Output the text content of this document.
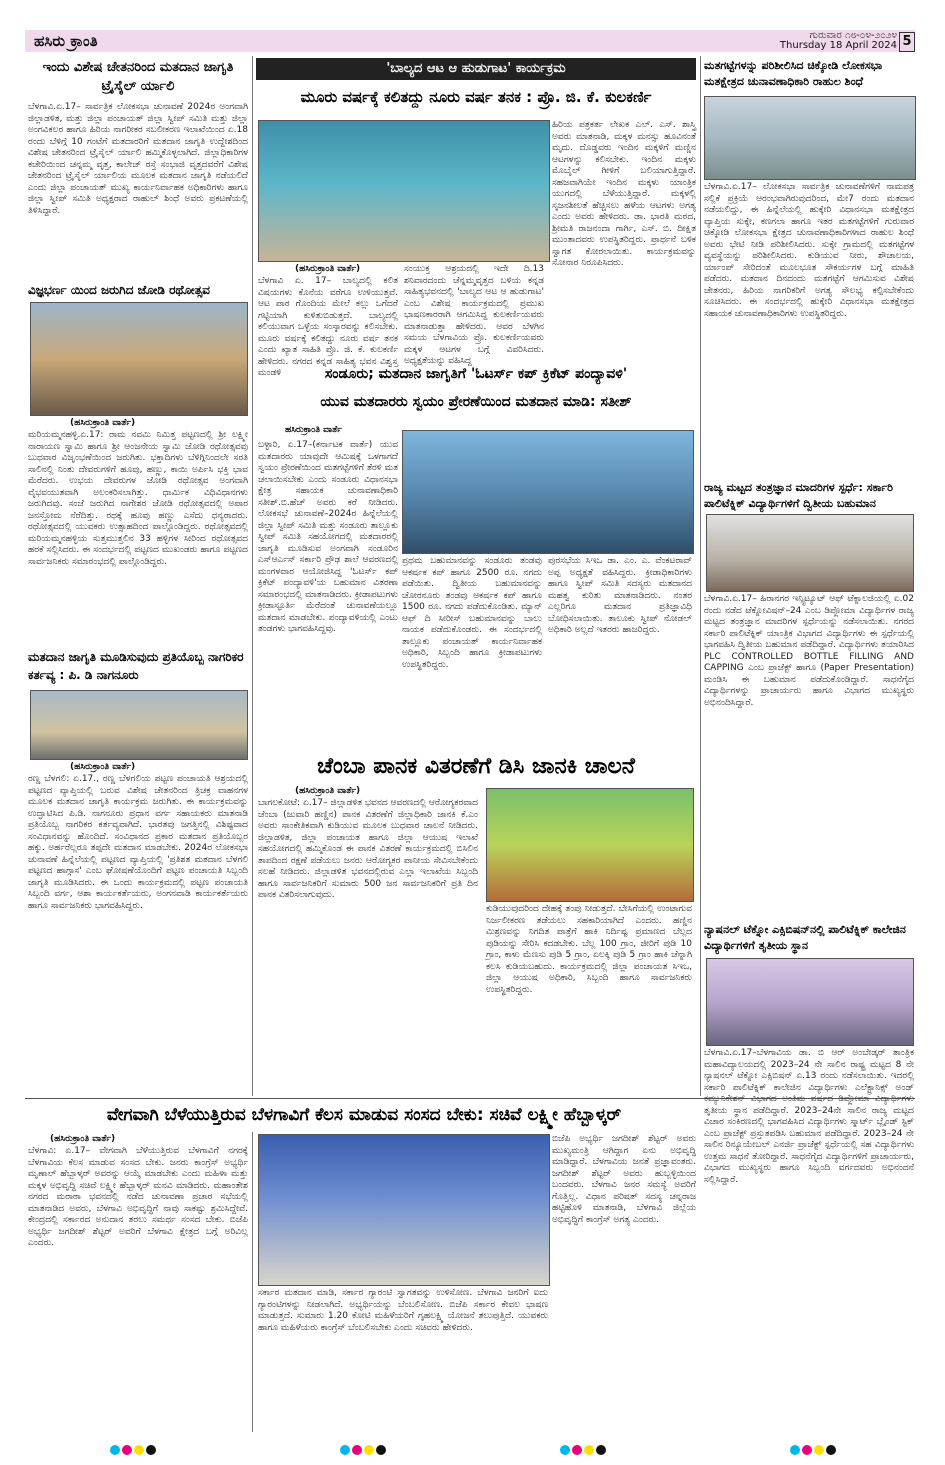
ಹಸಿರು ಕ್ರಾಂತಿ	ಗುರುವಾರ ೧೮-೦೪-೨೦೨೪
Thursday 18 April 2024 5
ಇಂದು ವಿಶೇಷ ಚೇತನರಿಂದ ಮತದಾನ ಜಾಗೃತಿ ಟ್ರೈಸೈಲ್ ರ್ಯಾಲಿ
ಬೆಳಗಾವಿ.ಏ.17– ಸಾರ್ವತ್ರಿಕ ಲೋಕಸಭಾ ಚುನಾವಣೆ 2024ರ ಅಂಗವಾಗಿ ಜಿಲ್ಲಾಡಳಿತ, ಮತ್ತು ಜಿಲ್ಲಾ ಪಂಚಾಯತ್ ಜಿಲ್ಲಾ ಸ್ವೀಪ್ ಸಮಿತಿ ಮತ್ತು ಜಿಲ್ಲಾ ಅಂಗವಿಕಲರ ಹಾಗೂ ಹಿರಿಯ ನಾಗರೀಕರ ಸಬಲೀಕರಣ ಇಲಾಖೆಯಿಂದ ಏ.18 ರಂದು ಬೆಳಿಗ್ಗೆ 10 ಗಂಟೆಗೆ ಮತದಾರರಿಗೆ ಮತದಾನ ಜಾಗೃತಿ ಉದ್ದೇಶದಿಂದ ವಿಶೇಷ ಚೇತನರಿಂದ ಟ್ರೈಸೈಲ್ ರ್ಯಾಲಿ ಹಮ್ಮಿಕೊಳ್ಳಲಾಗಿದೆ. ಜಿಲ್ಲಾಧಿಕಾರಿಗಳ ಕಚೇರಿಯಿಂದ ಚನ್ನಮ್ಮ ವೃತ್ತ, ಕಾಲೇಜ್ ರಸ್ತೆ ಸಂಭಾಜಿ ವೃತ್ತದವರೆಗೆ ವಿಶೇಷ ಚೇತನರಿಂದ ಟ್ರೈಸೈಲ್ ರ್ಯಾಲಿಯ ಮೂಲಕ ಮತದಾನ ಜಾಗೃತಿ ನಡೆಯಲಿದೆ ಎಂದು ಜಿಲ್ಲಾ ಪಂಚಾಯತ್ ಮುಖ್ಯ ಕಾರ್ಯನಿರ್ವಾಹಕ ಅಧಿಕಾರಿಗಳು ಹಾಗೂ ಜಿಲ್ಲಾ ಸ್ವೀಪ್ ಸಮಿತಿ ಅಧ್ಯಕ್ಷರಾದ ರಾಹುಲ್ ಶಿಂಧೆ ಅವರು ಪ್ರಕಟಣೆಯಲ್ಲಿ ತಿಳಿಸಿದ್ದಾರೆ.
ವಿಜ್ಞಭರ್ಣ ಯಿಂದ ಜರುಗಿದ ಜೋಡಿ ರಥೋತ್ಸವ
(ಹಸಿರುಕ್ರಾಂತಿ ವಾರ್ತೆ)
ಮರಿಯಮ್ಮನಹಳ್ಳಿ.ಏ.17: ರಾಮ ನವಮಿ ನಿಮಿತ್ತ ಪಟ್ಟಣದಲ್ಲಿ ಶ್ರೀ ಲಕ್ಷ್ಮೀ ನಾರಾಯಣ ಸ್ವಾಮಿ ಹಾಗೂ ಶ್ರೀ ಆಂಜನೇಯ ಸ್ವಾಮಿ ಜೋಡಿ ರಥೋತ್ಸವವು ಬುಧವಾರ ವಿಜೃಂಭಣೆಯಿಂದ ಜರುಗಿತು. ಭಕ್ತಾದಿಗಳು ಬೆಳಿಗ್ಗಿನಿಂದಲೇ ಸರತಿ ಸಾಲಿನಲ್ಲಿ ನಿಂತು ದೇವರುಗಳಿಗೆ ಹೂವು, ಹಣ್ಣು, ಕಾಯಿ ಅರ್ಪಿಸಿ ಭಕ್ತಿ ಭಾವ ಮೆರೆದರು. ಉಭಯ ದೇವರುಗಳ ಜೋಡಿ ರಥೋತ್ಸವ ಅಂಗವಾಗಿ ವೈಭವಯುತವಾಗಿ ಅಲಂಕರಿಸಲಾಗಿತ್ತು. ಧಾರ್ಮಿಕ ವಿಧಿವಿಧಾನಗಳು ಜರುಗಿದವು. ಸಂಜೆ ಜರುಗಿದ ನಾಗೇಶರ ಜೋಡಿ ರಥೋತ್ಸವದಲ್ಲಿ ಅಪಾರ ಜನಸ್ತೋಮ ನೆರೆದಿತ್ತು. ರಥಕ್ಕೆ ಹೂವು ಹಣ್ಣು ಎಸೆದು ಧನ್ಯರಾದರು. ರಥೋತ್ಸವದಲ್ಲಿ ಯುವಕರು ಉತ್ಸಾಹದಿಂದ ಪಾಲ್ಗೊಂಡಿದ್ದರು. ರಥೋತ್ಸವದಲ್ಲಿ ಮರಿಯಮ್ಮನಹಳ್ಳಿಯ ಸುತ್ತಮುತ್ತಲಿನ 33 ಹಳ್ಳಿಗಳ ಸೀರಿಂದ ರಥೋತ್ಸವದ ಹರಕೆ ಸಲ್ಲಿಸಿದರು. ಈ ಸಂದರ್ಭದಲ್ಲಿ ಪಟ್ಟಣದ ಮುಖಂಡರು ಹಾಗೂ ಪಟ್ಟಣದ ಸಾರ್ವಜನಿಕರು ಸಮಾರಂಭದಲ್ಲಿ ಪಾಲ್ಗೊಂಡಿದ್ದರು.
ಮತದಾನ ಜಾಗೃತಿ ಮೂಡಿಸುವುದು ಪ್ರತಿಯೊಬ್ಬ ನಾಗರಿಕರ ಕರ್ತವ್ಯ : ಪಿ. ಡಿ ನಾಗನೂರು
(ಹಸಿರುಕ್ರಾಂತಿ ವಾರ್ತೆ)
ರಣ್ಣ ಬೆಳಗಲಿ: ಏ.17., ರಣ್ಣ ಬೆಳಗಲಿಯ ಪಟ್ಟಣ ಪಂಚಾಯತಿ ಆಶ್ರಯದಲ್ಲಿ ಪಟ್ಟಣದ ವ್ಯಾಪ್ತಿಯಲ್ಲಿ ಬರುವ ವಿಶೇಷ ಚೇತನರಿಂದ ತ್ರಿಚಕ್ರ ವಾಹನಗಳ ಮೂಲಕ ಮತದಾನ ಜಾಗೃತಿ ಕಾರ್ಯಕ್ರಮ ಜರುಗಿತು. ಈ ಕಾರ್ಯಕ್ರಮವನ್ನು ಉದ್ಘಾಟಿಸಿದ ಪಿ.ಡಿ. ನಾಗನೂರು ಪ್ರಧಾನ ವರ್ಗ ಸಹಾಯಕರು ಮಾತನಾಡಿ ಪ್ರತಿಯೊಬ್ಬ ನಾಗರಿಕರ ಕರ್ತವ್ಯವಾಗಿದೆ. ಭಾರತವು ಜಗತ್ತಿನಲ್ಲಿ ವಿಶಿಷ್ಟವಾದ ಸಂವಿಧಾನವನ್ನು ಹೊಂದಿದೆ. ಸಂವಿಧಾನದ ಪ್ರಕಾರ ಮತದಾನ ಪ್ರತಿಯೊಬ್ಬರ ಹಕ್ಕು. ಅರ್ಹರೆಲ್ಲರೂ ತಪ್ಪದೇ ಮತದಾನ ಮಾಡಬೇಕು. 2024ರ ಲೋಕಸಭಾ ಚುನಾವಣೆ ಹಿನ್ನೆಲೆಯಲ್ಲಿ ಪಟ್ಟಣದ ವ್ಯಾಪ್ತಿಯಲ್ಲಿ 'ಪ್ರತಿಶತ ಮತದಾನ ಬೆಳಗಲಿ ಪಟ್ಟಣದ ಹಾಗ್ಗಾಸ' ಎಂಬ ಘೋಷಣೆಯೊಂದಿಗೆ ಪಟ್ಟಣ ಪಂಚಾಯತಿ ಸಿಬ್ಬಂದಿ ಜಾಗೃತಿ ಮೂಡಿಸಿದರು. ಈ ಒಂದು ಕಾರ್ಯಕ್ರಮದಲ್ಲಿ ಪಟ್ಟಣ ಪಂಚಾಯತಿ ಸಿಬ್ಬಂದಿ ವರ್ಗ, ಆಶಾ ಕಾರ್ಯಕರ್ತೆಯರು, ಅಂಗನವಾಡಿ ಕಾರ್ಯಕರ್ತೆಯರು ಹಾಗೂ ಸಾರ್ವಜನಿಕರು ಭಾಗವಹಿಸಿದ್ದರು.
'ಬಾಲ್ಯದ ಆಟ ಆ ಹುಡುಗಾಟ' ಕಾರ್ಯಕ್ರಮ
ಮೂರು ವರ್ಷಕ್ಕೆ ಕಲಿತದ್ದು ನೂರು ವರ್ಷ ತನಕ : ಪ್ರೊ. ಜಿ. ಕೆ. ಕುಲಕರ್ಣಿ
(ಹಸಿರುಕ್ರಾಂತಿ ವಾರ್ತೆ)
ಬೆಳಗಾವಿ ಏ. 17– ಬಾಲ್ಯದಲ್ಲಿ ಕಲಿತ ವಿಷಯಗಳು ಕೊನೆಯ ವರೆಗೂ ಉಳಿಯುತ್ತವೆ. ಆಟ ಪಾಠ ಗೊಂದಿಯ ಮೇಲೆ ಕಲ್ಲು ಒಗೆದರೆ ಗಟ್ಟಿಯಾಗಿ ಕುಳಿತುಬಿಡುತ್ತದೆ. ಬಾಲ್ಯದಲ್ಲಿ ಕಲಿಯುವಾಗ ಒಳ್ಳೆಯ ಸಂಸ್ಕಾರವನ್ನು ಕಲಿಸಬೇಕು. ಮೂರು ವರ್ಷಕ್ಕೆ ಕಲಿತದ್ದು ನೂರು ವರ್ಷ ತನಕ ಎಂದು ಖ್ಯಾತ ಸಾಹಿತಿ ಪ್ರೊ. ಜಿ. ಕೆ. ಕುಲಕರ್ಣಿ ಹೇಳಿದರು. ನಗರದ ಕನ್ನಡ ಸಾಹಿತ್ಯ ಭವನ ವಿಶ್ವಸ್ತ ಮಂಡಳಿ
ಸಂಯುಕ್ತ ಆಶ್ರಯದಲ್ಲಿ ಇದೇ ದಿ.13 ಶನಿವಾರದಂದು ಚೆನ್ನಮ್ಮವೃತ್ತದ ಬಳಿಯ ಕನ್ನಡ ಸಾಹಿತ್ಯಭವನದಲ್ಲಿ 'ಬಾಲ್ಯದ ಆಟ ಆ ಹುಡುಗಾಟ' ಎಂಬ ವಿಶೇಷ ಕಾರ್ಯಕ್ರಮದಲ್ಲಿ ಪ್ರಮುಖ ಭಾಷಣಕಾರರಾಗಿ ಆಗಮಿಸಿದ್ದ ಕುಲಕರ್ಣಿಯವರು ಮಾತನಾಡುತ್ತಾ ಹೇಳಿದರು. ಆವರ ಬೆಳಗಿನ ಸಮಯ ಬೆಳಗಾವಿಯ ಪ್ರೊ. ಕುಲಕರ್ಣಿಯವರು ಮಕ್ಕಳ ಆಟಗಳ ಬಗ್ಗೆ ವಿವರಿಸಿದರು. ಅಧ್ಯಕ್ಷತೆಯನ್ನು ವಹಿಸಿದ್ದ
ಹಿರಿಯ ಪತ್ರಕರ್ತ ಲೇಖಕ ಎಲ್. ಎಸ್. ಶಾಸ್ತ್ರಿ ಅವರು ಮಾತನಾಡಿ, ಮಕ್ಕಳ ಮನಸ್ಸು ಹೂವಿನಂತೆ ಮೃದು. ದೊಡ್ಡವರು ಇಂದಿನ ಮಕ್ಕಳಿಗೆ ಮಣ್ಣಿನ ಆಟಗಳನ್ನು ಕಲಿಸಬೇಕು. ಇಂದಿನ ಮಕ್ಕಳು ಮೊಬೈಲ್ ಗೀಳಿಗೆ ಬಲಿಯಾಗುತ್ತಿದ್ದಾರೆ. ಸಹಜವಾಗಿಯೇ ಇಂದಿನ ಮಕ್ಕಳು ಯಾಂತ್ರಿಕ ಯುಗದಲ್ಲಿ ಬೆಳೆಯುತ್ತಿದ್ದಾರೆ. ಮಕ್ಕಳಲ್ಲಿ ಸೃಜನಶೀಲತೆ ಹೆಚ್ಚಿಸಲು ಹಳೆಯ ಆಟಗಳು ಅಗತ್ಯ ಎಂದು ಅವರು ಹೇಳಿದರು. ಡಾ. ಭಾರತಿ ಮಠದ, ಶ್ರೀಮತಿ ರಾಜನಂದಾ ಗಾರ್ಗಿ, ಎಸ್. ಬಿ. ದೀಕ್ಷಿತ ಮುಂತಾದವರು ಉಪಸ್ಥಿತರಿದ್ದರು. ಪ್ರಾರ್ಥನೆ ಬಳಿಕ ಸ್ವಾಗತ ಕೋರಲಾಯಿತು. ಕಾರ್ಯಕ್ರಮವನ್ನು ಸೋನಾರ ನಿರೂಪಿಸಿದರು.
ಸಂಡೂರು; ಮತದಾನ ಜಾಗೃತಿಗೆ 'ಓಟರ್ಸ್ ಕಪ್ ಕ್ರಿಕೆಟ್ ಪಂದ್ಯಾವಳಿ'
ಯುವ ಮತದಾರರು ಸ್ವಯಂ ಪ್ರೇರಣೆಯಿಂದ ಮತದಾನ ಮಾಡಿ: ಸತೀಶ್
ಹಸಿರುಕ್ರಾಂತಿ ವಾರ್ತೆ
ಬಳ್ಳಾರಿ, ಏ.17–(ಕರ್ನಾಟಕ ವಾರ್ತೆ) ಯುವ ಮತದಾರರು ಯಾವುದೇ ಆಮಿಷಕ್ಕೆ ಒಳಗಾಗದೆ ಸ್ವಯಂ ಪ್ರೇರಣೆಯಿಂದ ಮತಗಟ್ಟೆಗಳಿಗೆ ತೆರಳಿ ಮತ ಚಲಾಯಿಸಬೇಕು ಎಂದು ಸಂಡೂರು ವಿಧಾನಸಭಾ ಕ್ಷೇತ್ರ ಸಹಾಯಕ ಚುನಾವಣಾಧಿಕಾರಿ ಸತೀಶ್.ಬಿ.ಹೆಚ್ ಅವರು ಕರೆ ನೀಡಿದರು. ಲೋಕಸಭೆ ಚುನಾವಣೆ–2024ರ ಹಿನ್ನೆಲೆಯಲ್ಲಿ ಜಿಲ್ಲಾ ಸ್ವೀಪ್ ಸಮಿತಿ ಮತ್ತು ಸಂಡೂರು ತಾಲ್ಲೂಕು ಸ್ವೀಪ್ ಸಮಿತಿ ಸಹಯೋಗದಲ್ಲಿ ಮತದಾರರಲ್ಲಿ ಜಾಗೃತಿ ಮೂಡಿಸುವ ಅಂಗವಾಗಿ ಸಂಡೂರಿನ ಎಸ್ಆರ್ಎಸ್ ಸರ್ಕಾರಿ ಪ್ರೌಢ ಶಾಲೆ ಆವರಣದಲ್ಲಿ ಮಂಗಳವಾರ ಆಯೋಜಿಸಿದ್ದ 'ಓಟರ್ಸ್ ಕಪ್ ಕ್ರಿಕೆಟ್ ಪಂದ್ಯಾವಳಿ'ಯ ಬಹುಮಾನ ವಿತರಣಾ ಸಮಾರಂಭದಲ್ಲಿ ಮಾತನಾಡಿದರು. ಕ್ರೀಡಾಪಟುಗಳು ಕ್ರೀಡಾಸ್ಫೂರ್ತಿ ಮೆರೆದಂತೆ ಚುನಾವಣೆಯಲ್ಲೂ ಮತದಾನ ಮಾಡಬೇಕು. ಪಂದ್ಯಾವಳಿಯಲ್ಲಿ ಎಂಟು ತಂಡಗಳು ಭಾಗವಹಿಸಿದ್ದವು.
ಪ್ರಥಮ ಬಹುಮಾನವನ್ನು ಸಂಡೂರು ತಂಡವು ಆಕರ್ಷಕ ಕಪ್ ಹಾಗೂ 2500 ರೂ. ನಗದು ಪಡೆಯಿತು. ದ್ವಿತೀಯ ಬಹುಮಾನವನ್ನು ಚೋರನೂರು ತಂಡವು ಆಕರ್ಷಕ ಕಪ್ ಹಾಗೂ 1500 ರೂ. ನಗದು ಪಡೆದುಕೊಂಡಿತು. ಮ್ಯಾನ್ ಆಫ್ ದಿ ಸೀರೀಸ್ ಬಹುಮಾನವನ್ನು ಬಾಲು ನಾಯಕ ಪಡೆದುಕೊಂಡರು. ಈ ಸಂದರ್ಭದಲ್ಲಿ ತಾಲ್ಲೂಕು ಪಂಚಾಯತ್ ಕಾರ್ಯನಿರ್ವಾಹಕ ಅಧಿಕಾರಿ, ಸಿಬ್ಬಂದಿ ಹಾಗೂ ಕ್ರೀಡಾಪಟುಗಳು ಉಪಸ್ಥಿತರಿದ್ದರು.
ಪುರಸಭೆಯ ಸಿಇಒ ಡಾ. ಎಂ. ಎ. ವೆಂಕಟರಾವ್ ಅಪ್ಪ ಅಧ್ಯಕ್ಷತೆ ವಹಿಸಿದ್ದರು. ಕ್ರೀಡಾಧಿಕಾರಿಗಳು ಹಾಗೂ ಸ್ವೀಪ್ ಸಮಿತಿ ಸದಸ್ಯರು ಮತದಾನದ ಮಹತ್ವ ಕುರಿತು ಮಾತನಾಡಿದರು. ನಂತರ ಎಲ್ಲರಿಗೂ ಮತದಾನ ಪ್ರತಿಜ್ಞಾವಿಧಿ ಬೋಧಿಸಲಾಯಿತು. ತಾಲೂಕು ಸ್ವೀಪ್ ನೋಡಲ್ ಅಧಿಕಾರಿ ಅಲ್ಲದೆ ಇತರರು ಹಾಜರಿದ್ದರು.
ಚೆಂಬಾ ಪಾನಕ ವಿತರಣೆಗೆ ಡಿಸಿ ಜಾನಕಿ ಚಾಲನೆ
(ಹಸಿರುಕ್ರಾಂತಿ ವಾರ್ತೆ)
ಬಾಗಲಕೋಟೆ: ಏ.17– ಜಿಲ್ಲಾಡಳಿತ ಭವನದ ಆವರಣದಲ್ಲಿ ಆರೋಗ್ಯಕರವಾದ ಚೆಂಬಾ (ಜುವಾರಿ ಹಣ್ಣಿನ) ಪಾನಕ ವಿತರಣೆಗೆ ಜಿಲ್ಲಾಧಿಕಾರಿ ಜಾನಕಿ ಕೆ.ಎಂ ಅವರು ಸಾಂಕೇತಿಕವಾಗಿ ಕುಡಿಯುವ ಮೂಲಕ ಬುಧವಾರ ಚಾಲನೆ ನೀಡಿದರು. ಜಿಲ್ಲಾಡಳಿತ, ಜಿಲ್ಲಾ ಪಂಚಾಯತ ಹಾಗೂ ಜಿಲ್ಲಾ ಆಯುಷ ಇಲಾಖೆ ಸಹಯೋಗದಲ್ಲಿ ಹಮ್ಮಿಕೊಂಡ ಈ ಪಾನಕ ವಿತರಣೆ ಕಾರ್ಯಕ್ರಮದಲ್ಲಿ ಬಿಸಿಲಿನ ತಾಪದಿಂದ ರಕ್ಷಣೆ ಪಡೆಯಲು ಜನರು ಆರೋಗ್ಯಕರ ಪಾನೀಯ ಸೇವಿಸಬೇಕೆಂದು ಸಲಹೆ ನೀಡಿದರು. ಜಿಲ್ಲಾಡಳಿತ ಭವನದಲ್ಲಿರುವ ಎಲ್ಲಾ ಇಲಾಖೆಯ ಸಿಬ್ಬಂದಿ ಹಾಗೂ ಸಾರ್ವಜನಿಕರಿಗೆ ಸುಮಾರು 500 ಜನ ಸಾರ್ವಜನಿಕರಿಗೆ ಪ್ರತಿ ದಿನ ಪಾನಕ ವಿತರಿಸಲಾಗುವುದು.
ಕುಡಿಯುವುದರಿಂದ ದೇಹಕ್ಕೆ ತಂಪು ನೀಡುತ್ತದೆ. ಬೇಸಿಗೆಯಲ್ಲಿ ಉಂಟಾಗುವ ನಿರ್ಜಲೀಕರಣ ತಡೆಯಲು ಸಹಕಾರಿಯಾಗಿದೆ ಎಂದರು. ಹಣ್ಣಿನ ಮಿಶ್ರಣವನ್ನು ನಿಗದಿತ ಪಾತ್ರೆಗೆ ಹಾಕಿ ನಿರ್ದಿಷ್ಟ ಪ್ರಮಾಣದ ಬೆಲ್ಲದ ಪುಡಿಯನ್ನು ಸೇರಿಸಿ ಕದಡಬೇಕು. ಬೆಲ್ಲ 100 ಗ್ರಾಂ, ಜೀರಿಗೆ ಪುಡಿ 10 ಗ್ರಾಂ, ಕಾಳು ಮೆಣಸು ಪುಡಿ 5 ಗ್ರಾಂ, ಏಲಕ್ಕಿ ಪುಡಿ 5 ಗ್ರಾಂ ಹಾಕಿ ಚೆನ್ನಾಗಿ ಕಲಸಿ ಕುಡಿಯಬಹುದು. ಕಾರ್ಯಕ್ರಮದಲ್ಲಿ ಜಿಲ್ಲಾ ಪಂಚಾಯತ ಸಿಇಒ, ಜಿಲ್ಲಾ ಆಯುಷ ಅಧಿಕಾರಿ, ಸಿಬ್ಬಂದಿ ಹಾಗೂ ಸಾರ್ವಜನಿಕರು ಉಪಸ್ಥಿತರಿದ್ದರು.
ಮತಗಟ್ಟೆಗಳನ್ನು ಪರಿಶೀಲಿಸಿದ ಚಿಕ್ಕೋಡಿ ಲೋಕಸಭಾ ಮತಕ್ಷೇತ್ರದ ಚುನಾವಣಾಧಿಕಾರಿ ರಾಹುಲ ಶಿಂಧೆ
ಬೆಳಗಾವಿ.ಏ.17– ಲೋಕಸಭಾ ಸಾರ್ವತ್ರಿಕ ಚುನಾವಣೆಗಳಿಗೆ ನಾಮಪತ್ರ ಸಲ್ಲಿಕೆ ಪ್ರಕ್ರಿಯೆ ಆರಂಭವಾಗಿರುವುದರಿಂದ, ಮೇ7 ರಂದು ಮತದಾನ ನಡೆಯಲಿದ್ದು, ಈ ಹಿನ್ನೆಲೆಯಲ್ಲಿ ಹುಕ್ಕೇರಿ ವಿಧಾನಸಭಾ ಮತಕ್ಷೇತ್ರದ ವ್ಯಾಪ್ತಿಯ ಸುಕ್ಕೇ, ಕಣಗಲಾ ಹಾಗೂ ಇತರ ಮತಗಟ್ಟೆಗಳಿಗೆ ಗುರುವಾರ ಚಿಕ್ಕೋಡಿ ಲೋಕಸಭಾ ಕ್ಷೇತ್ರದ ಚುನಾವಣಾಧಿಕಾರಿಗಳಾದ ರಾಹುಲ ಶಿಂಧೆ ಅವರು ಭೇಟಿ ನೀಡಿ ಪರಿಶೀಲಿಸಿದರು. ಸುಕ್ಕೇ ಗ್ರಾಮದಲ್ಲಿ ಮತಗಟ್ಟೆಗಳ ವ್ಯವಸ್ಥೆಯನ್ನು ಪರಿಶೀಲಿಸಿದರು. ಕುಡಿಯುವ ನೀರು, ಶೌಚಾಲಯ, ರ್ಯಾಂಪ್ ಸೇರಿದಂತೆ ಮೂಲಭೂತ ಸೌಕರ್ಯಗಳ ಬಗ್ಗೆ ಮಾಹಿತಿ ಪಡೆದರು. ಮತದಾನ ದಿನದಂದು ಮತಗಟ್ಟೆಗೆ ಆಗಮಿಸುವ ವಿಶೇಷ ಚೇತನರು, ಹಿರಿಯ ನಾಗರಿಕರಿಗೆ ಅಗತ್ಯ ಸೌಲಭ್ಯ ಕಲ್ಪಿಸಬೇಕೆಂದು ಸೂಚಿಸಿದರು. ಈ ಸಂದರ್ಭದಲ್ಲಿ ಹುಕ್ಕೇರಿ ವಿಧಾನಸಭಾ ಮತಕ್ಷೇತ್ರದ ಸಹಾಯಕ ಚುನಾವಣಾಧಿಕಾರಿಗಳು ಉಪಸ್ಥಿತರಿದ್ದರು.
ರಾಜ್ಯ ಮಟ್ಟದ ತಂತ್ರಜ್ಞಾನ ಮಾದರಿಗಳ ಸ್ಪರ್ಧೆ: ಸರ್ಕಾರಿ ಪಾಲಿಟೆಕ್ನಿಕ್ ವಿದ್ಯಾರ್ಥಿಗಳಿಗೆ ದ್ವಿತೀಯ ಬಹುಮಾನ
ಬೆಳಗಾವಿ.ಏ.17– ಹಿರಾನಗರ ಇನ್ಸ್ಟಿಟ್ಯೂಟ್ ಆಫ್ ಟೆಕ್ನಾಲಜಿಯಲ್ಲಿ ಏ.02 ರಂದು ನಡೆದ ಟೆಕ್ನೋವಿಷನ್–24 ಎಂಬ ಡಿಪ್ಲೋಮಾ ವಿದ್ಯಾರ್ಥಿಗಳ ರಾಜ್ಯ ಮಟ್ಟದ ತಂತ್ರಜ್ಞಾನ ಮಾದರಿಗಳ ಸ್ಪರ್ಧೆಯನ್ನು ನಡೆಸಲಾಯಿತು. ನಗರದ ಸರ್ಕಾರಿ ಪಾಲಿಟೆಕ್ನಿಕ್ ಯಾಂತ್ರಿಕ ವಿಭಾಗದ ವಿದ್ಯಾರ್ಥಿಗಳು ಈ ಸ್ಪರ್ಧೆಯಲ್ಲಿ ಭಾಗವಹಿಸಿ ದ್ವಿತೀಯ ಬಹುಮಾನ ಪಡೆದಿದ್ದಾರೆ. ವಿದ್ಯಾರ್ಥಿಗಳು ತಯಾರಿಸಿದ PLC CONTROLLED BOTTLE FILLING AND CAPPING ಎಂಬ ಪ್ರಾಜೆಕ್ಟ್ ಹಾಗೂ (Paper Presentation) ಮಂಡಿಸಿ ಈ ಬಹುಮಾನ ಪಡೆದುಕೊಂಡಿದ್ದಾರೆ. ಸಾಧನೆಗೈದ ವಿದ್ಯಾರ್ಥಿಗಳನ್ನು ಪ್ರಾಚಾರ್ಯರು ಹಾಗೂ ವಿಭಾಗದ ಮುಖ್ಯಸ್ಥರು ಅಭಿನಂದಿಸಿದ್ದಾರೆ.
ನ್ಯಾಷನಲ್ ಟೆಕ್ನೋ ಎಕ್ಸಿಬಿಷನ್‌ನಲ್ಲಿ ಪಾಲಿಟೆಕ್ನಿಕ್ ಕಾಲೇಜಿನ ವಿದ್ಯಾರ್ಥಿಗಳಿಗೆ ತೃತೀಯ ಸ್ಥಾನ
ಬೆಳಗಾವಿ.ಏ.17–ಬೆಳಗಾವಿಯ ಡಾ. ಬಿ ಆರ್ ಅಂಬೇಡ್ಕರ್ ತಾಂತ್ರಿಕ ಮಹಾವಿದ್ಯಾಲಯದಲ್ಲಿ 2023–24 ನೇ ಸಾಲಿನ ರಾಷ್ಟ್ರ ಮಟ್ಟದ 8 ನೇ ನ್ಯಾಷನಲ್ ಟೆಕ್ನೋ ಎಕ್ಸಿಬಿಷನ್ ಏ.13 ರಂದು ನಡೆಸಲಾಯಿತು. ಇದರಲ್ಲಿ ಸರ್ಕಾರಿ ಪಾಲಿಟೆಕ್ನಿಕ್ ಕಾಲೇಜಿನ ವಿದ್ಯಾರ್ಥಿಗಳು ಎಲೆಕ್ಟ್ರಾನಿಕ್ಸ್ ಅಂಡ್ ಕಮ್ಯುನಿಕೇಶನ್ ವಿಭಾಗದ ಅಂತಿಮ ವರ್ಷದ ಡಿಪ್ಲೋಮಾ ವಿದ್ಯಾರ್ಥಿಗಳು ತೃತೀಯ ಸ್ಥಾನ ಪಡೆದಿದ್ದಾರೆ. 2023–24ನೇ ಸಾಲಿನ ರಾಜ್ಯ ಮಟ್ಟದ ವಿಚಾರ ಸಂಕಿರಣದಲ್ಲಿ ಭಾಗವಹಿಸಿದ ವಿದ್ಯಾರ್ಥಿಗಳು ಸ್ಮಾರ್ಟ್ ಬ್ಲೈಂಡ್ ಸ್ಟಿಕ್ ಎಂಬ ಪ್ರಾಜೆಕ್ಟ್ ಪ್ರಸ್ತುತಪಡಿಸಿ ಬಹುಮಾನ ಪಡೆದಿದ್ದಾರೆ. 2023–24 ನೇ ಸಾಲಿನ ರಿನ್ಯೂಯೇಬಲ್ ಎನರ್ಜಿ ಪ್ರಾಜೆಕ್ಟ್ ಸ್ಪರ್ಧೆಯಲ್ಲಿ ಸಹ ವಿದ್ಯಾರ್ಥಿಗಳು ಉತ್ತಮ ಸಾಧನೆ ತೋರಿದ್ದಾರೆ. ಸಾಧನೆಗೈದ ವಿದ್ಯಾರ್ಥಿಗಳಿಗೆ ಪ್ರಾಚಾರ್ಯರು, ವಿಭಾಗದ ಮುಖ್ಯಸ್ಥರು ಹಾಗೂ ಸಿಬ್ಬಂದಿ ವರ್ಗದವರು ಅಭಿನಂದನೆ ಸಲ್ಲಿಸಿದ್ದಾರೆ.
ವೇಗವಾಗಿ ಬೆಳೆಯುತ್ತಿರುವ ಬೆಳಗಾವಿಗೆ ಕೆಲಸ ಮಾಡುವ ಸಂಸದ ಬೇಕು: ಸಚಿವೆ ಲಕ್ಷ್ಮೀ ಹೆಬ್ಬಾಳ್ಕರ್
(ಹಸಿರುಕ್ರಾಂತಿ ವಾರ್ತೆ)
ಬೆಳಗಾವಿ: ಏ.17– ವೇಗವಾಗಿ ಬೆಳೆಯುತ್ತಿರುವ ಬೆಳಗಾವಿಗೆ ನಗರಕ್ಕೆ ಬೆಳಗಾವಿಯ ಕೆಲಸ ಮಾಡುವ ಸಂಸದ ಬೇಕು. ಜನರು ಕಾಂಗ್ರೆಸ್ ಅಭ್ಯರ್ಥಿ ಮೃಣಾಲ್ ಹೆಬ್ಬಾಳ್ಕರ್ ಅವರನ್ನು ಆಯ್ಕೆ ಮಾಡಬೇಕು ಎಂದು ಮಹಿಳಾ ಮತ್ತು ಮಕ್ಕಳ ಅಭಿವೃದ್ಧಿ ಸಚಿವೆ ಲಕ್ಷ್ಮೀ ಹೆಬ್ಬಾಳ್ಕರ್ ಮನವಿ ಮಾಡಿದರು. ಮಹಾಂತೇಶ ನಗರದ ಮರಾಠಾ ಭವನದಲ್ಲಿ ನಡೆದ ಚುನಾವಣಾ ಪ್ರಚಾರ ಸಭೆಯಲ್ಲಿ ಮಾತನಾಡಿದ ಅವರು, ಬೆಳಗಾವಿ ಅಭಿವೃದ್ಧಿಗೆ ನಾವು ಸಾಕಷ್ಟು ಶ್ರಮಿಸಿದ್ದೇವೆ. ಕೇಂದ್ರದಲ್ಲಿ ಸರ್ಕಾರದ ಅನುದಾನ ತರಲು ಸಮರ್ಥ ಸಂಸದ ಬೇಕು. ಬಿಜೆಪಿ ಅಭ್ಯರ್ಥಿ ಜಗದೀಶ್ ಶೆಟ್ಟರ್ ಅವರಿಗೆ ಬೆಳಗಾವಿ ಕ್ಷೇತ್ರದ ಬಗ್ಗೆ ಅರಿವಿಲ್ಲ ಎಂದರು.
ಸರ್ಕಾರ ಮತದಾನ ಮಾಡಿ, ಸರ್ಕಾರ ಗ್ಯಾರಂಟಿ ಸ್ವಾಗತವನ್ನು ಉಳಿಸೋಣ. ಬೆಳಗಾವಿ ಜನರಿಗೆ ಐದು ಗ್ಯಾರಂಟಿಗಳನ್ನು ನೀಡಲಾಗಿದೆ. ಅಭ್ಯರ್ಥಿಯನ್ನು ಬೆಂಬಲಿಸೋಣ. ಬಿಜೆಪಿ ಸರ್ಕಾರ ಕೇವಲ ಭಾಷಣ ಮಾಡುತ್ತದೆ. ಸುಮಾರು 1.20 ಕೋಟಿ ಮಹಿಳೆಯರಿಗೆ ಗೃಹಲಕ್ಷ್ಮಿ ಯೋಜನೆ ತಲುಪುತ್ತಿದೆ. ಯುವಕರು ಹಾಗೂ ಮಹಿಳೆಯರು ಕಾಂಗ್ರೆಸ್ ಬೆಂಬಲಿಸಬೇಕು ಎಂದು ಸಚಿವರು ಹೇಳಿದರು.
ಬಿಜೆಪಿ ಅಭ್ಯರ್ಥಿ ಜಗದೀಶ್ ಶೆಟ್ಟರ್ ಅವರು ಮುಖ್ಯಮಂತ್ರಿ ಆಗಿದ್ದಾಗ ಏನು ಅಭಿವೃದ್ಧಿ ಮಾಡಿದ್ದಾರೆ. ಬೆಳಗಾವಿಯ ಜನತೆ ಪ್ರಜ್ಞಾವಂತರು. ಜಗದೀಶ್ ಶೆಟ್ಟರ್ ಅವರು ಹುಬ್ಬಳ್ಳಿಯಿಂದ ಬಂದವರು. ಬೆಳಗಾವಿ ಜನರ ಸಮಸ್ಯೆ ಅವರಿಗೆ ಗೊತ್ತಿಲ್ಲ. ವಿಧಾನ ಪರಿಷತ್ ಸದಸ್ಯ ಚನ್ನರಾಜ ಹಟ್ಟಿಹೊಳಿ ಮಾತನಾಡಿ, ಬೆಳಗಾವಿ ಜಿಲ್ಲೆಯ ಅಭಿವೃದ್ಧಿಗೆ ಕಾಂಗ್ರೆಸ್ ಅಗತ್ಯ ಎಂದರು.
